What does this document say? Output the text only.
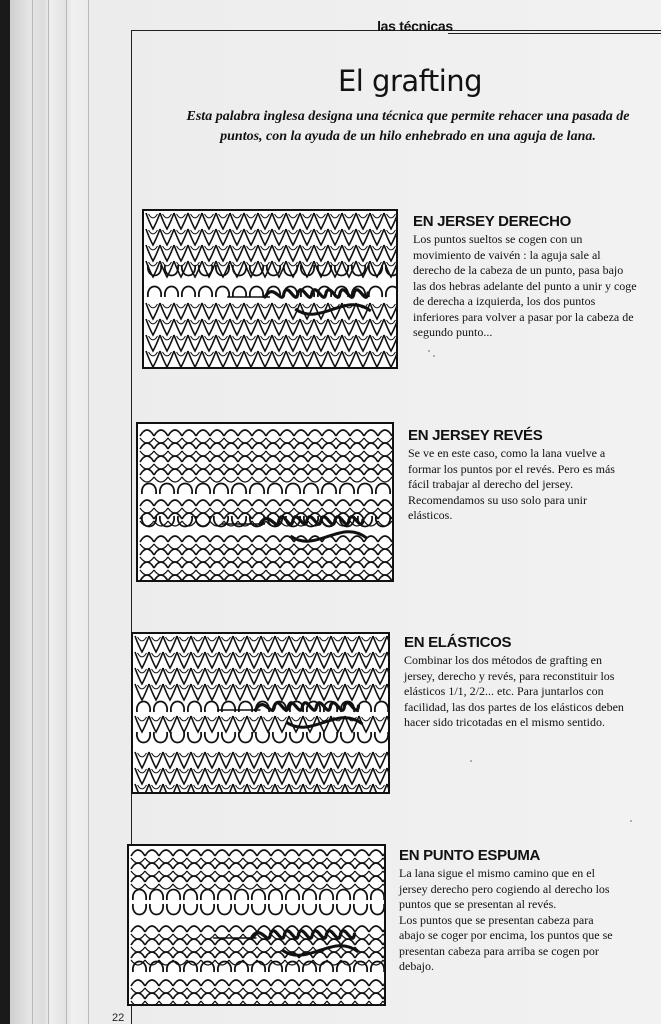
las técnicas
El grafting
Esta palabra inglesa designa una técnica que permite rehacer una pasada de
puntos, con la ayuda de un hilo enhebrado en una aguja de lana.
EN JERSEY DERECHO
Los puntos sueltos se cogen con un
movimiento de vaivén : la aguja sale al
derecho de la cabeza de un punto, pasa bajo
las dos hebras adelante del punto a unir y coge
de derecha a izquierda, los dos puntos
inferiores para volver a pasar por la cabeza de
segundo punto...
EN JERSEY REVÉS
Se ve en este caso, como la lana vuelve a
formar los puntos por el revés. Pero es más
fácil trabajar al derecho del jersey.
Recomendamos su uso solo para unir
elásticos.
EN ELÁSTICOS
Combinar los dos métodos de grafting en
jersey, derecho y revés, para reconstituir los
elásticos 1/1, 2/2... etc. Para juntarlos con
facilidad, las dos partes de los elásticos deben
hacer sido tricotadas en el mismo sentido.
EN PUNTO ESPUMA
La lana sigue el mismo camino que en el
jersey derecho pero cogiendo al derecho los
puntos que se presentan al revés.
Los puntos que se presentan cabeza para
abajo se coger por encima, los puntos que se
presentan cabeza para arriba se cogen por
debajo.
22
